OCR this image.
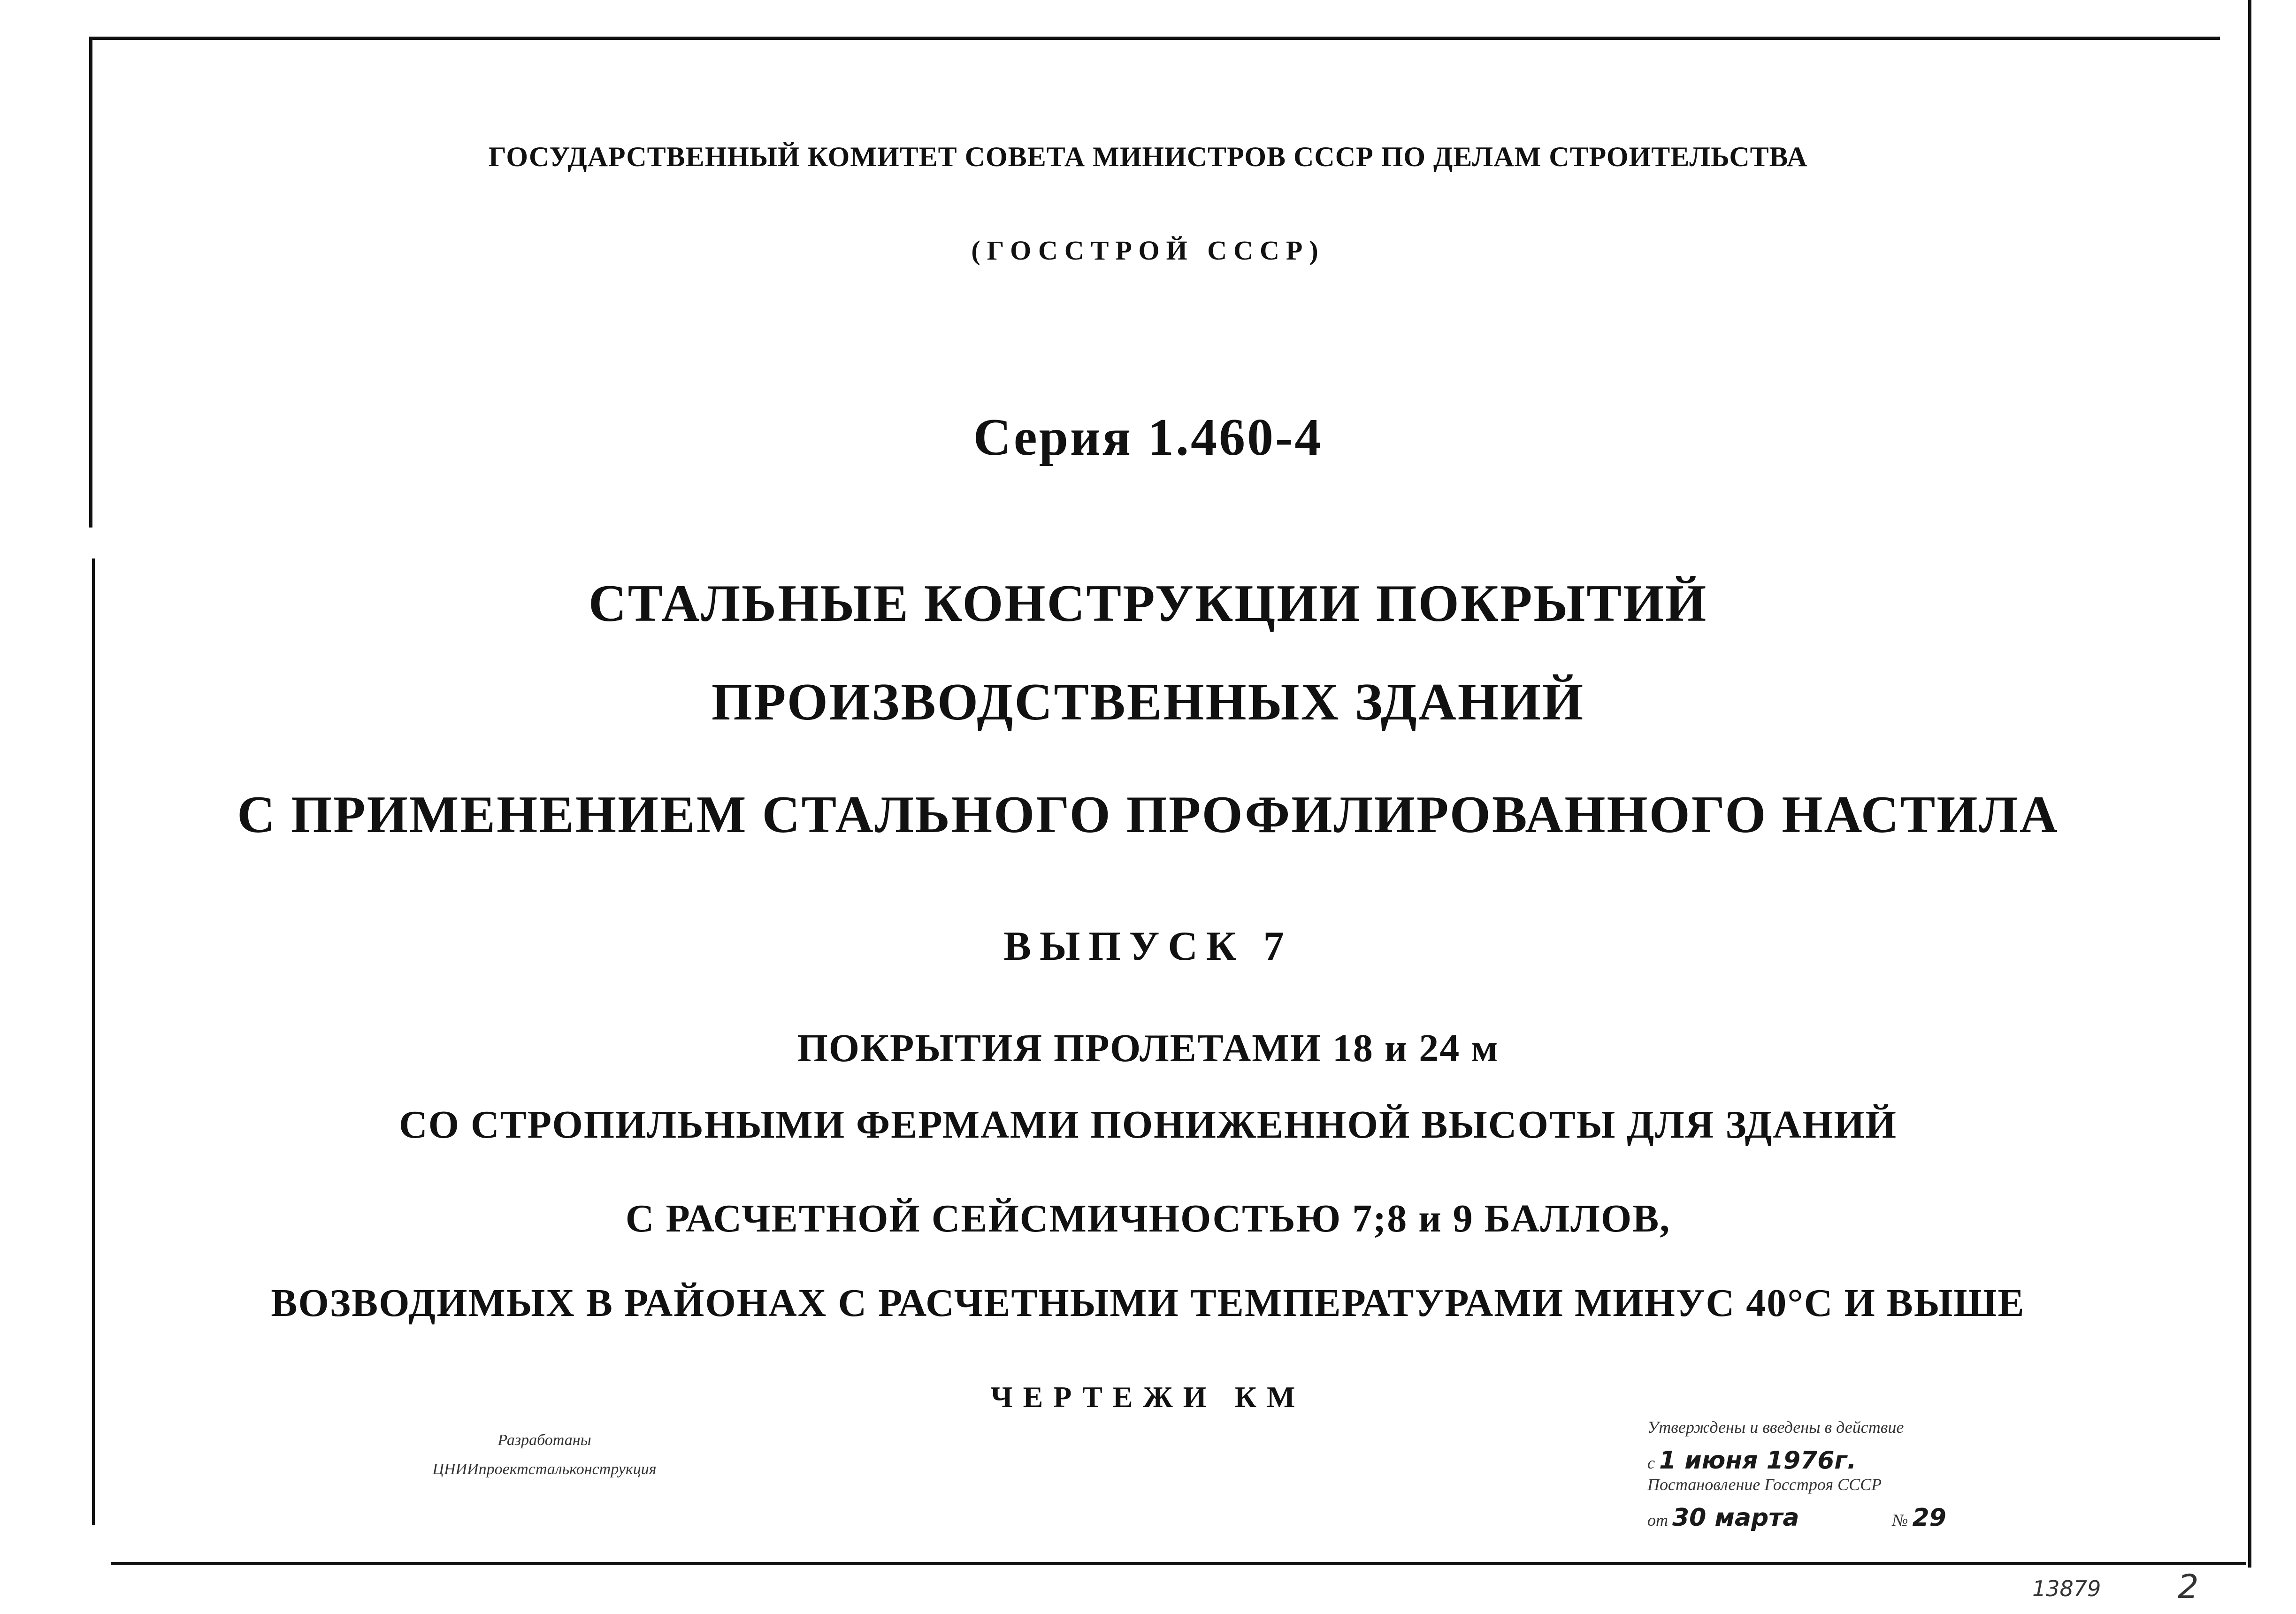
ГОСУДАРСТВЕННЫЙ КОМИТЕТ СОВЕТА МИНИСТРОВ СССР ПО ДЕЛАМ СТРОИТЕЛЬСТВА
(ГОССТРОЙ СССР)
Серия 1.460-4
СТАЛЬНЫЕ КОНСТРУКЦИИ ПОКРЫТИЙ
ПРОИЗВОДСТВЕННЫХ ЗДАНИЙ
С ПРИМЕНЕНИЕМ СТАЛЬНОГО ПРОФИЛИРОВАННОГО НАСТИЛА
ВЫПУСК 7
ПОКРЫТИЯ ПРОЛЕТАМИ 18 и 24 м
СО СТРОПИЛЬНЫМИ ФЕРМАМИ ПОНИЖЕННОЙ ВЫСОТЫ ДЛЯ ЗДАНИЙ
С РАСЧЕТНОЙ СЕЙСМИЧНОСТЬЮ 7;8 и 9 БАЛЛОВ,
ВОЗВОДИМЫХ В РАЙОНАХ С РАСЧЕТНЫМИ ТЕМПЕРАТУРАМИ МИНУС 40°С И ВЫШЕ
ЧЕРТЕЖИ КМ
Разработаны
ЦНИИпроектстальконструкция
Утверждены и введены в действие
с 1 июня 1976г.
Постановление Госстроя СССР
от 30 марта	№ 29
13879 2
